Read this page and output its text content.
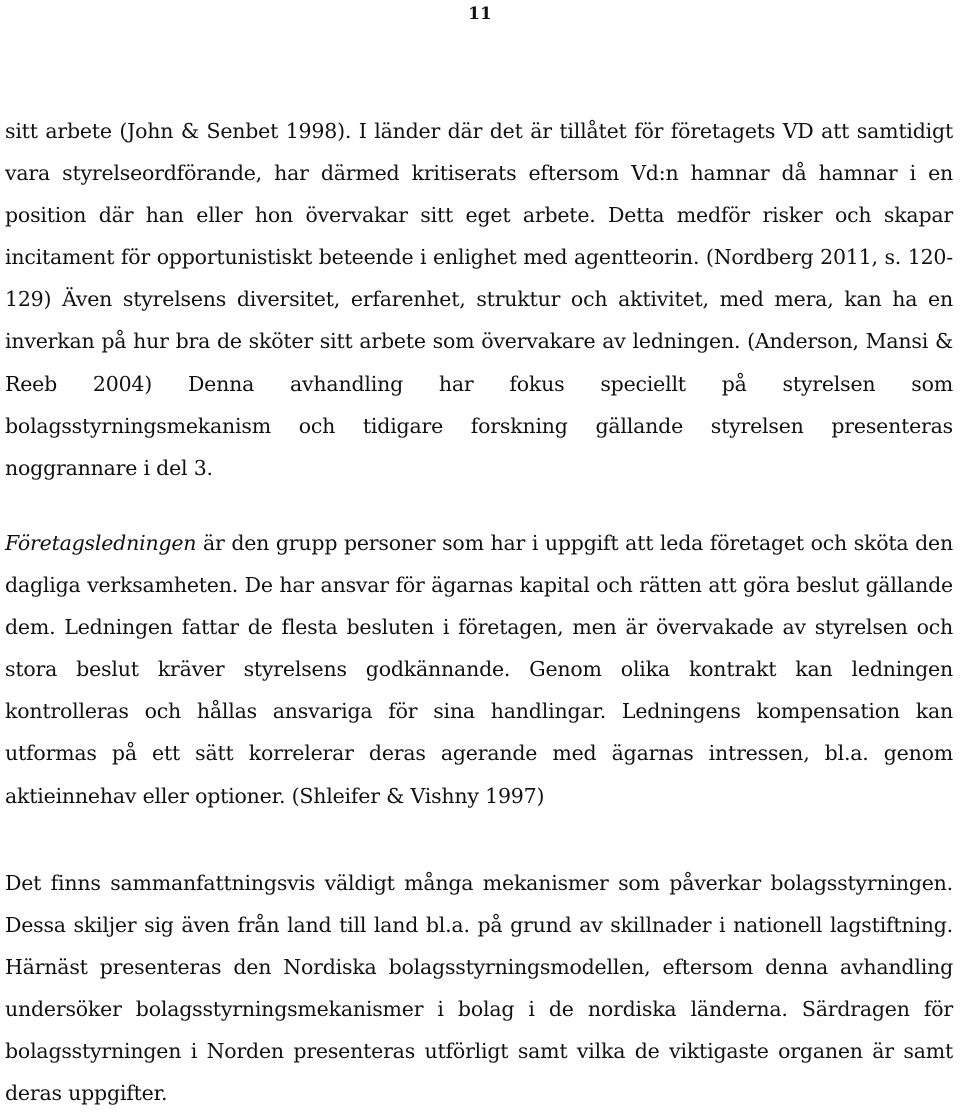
11

sitt arbete (John & Senbet 1998). I länder där det är tillåtet för företagets VD att samtidigt vara styrelseordförande, har därmed kritiserats eftersom Vd:n hamnar då hamnar i en position där han eller hon övervakar sitt eget arbete. Detta medför risker och skapar incitament för opportunistiskt beteende i enlighet med agentteorin. (Nordberg 2011, s. 120-129) Även styrelsens diversitet, erfarenhet, struktur och aktivitet, med mera, kan ha en inverkan på hur bra de sköter sitt arbete som övervakare av ledningen. (Anderson, Mansi & Reeb 2004) Denna avhandling har fokus speciellt på styrelsen som bolagsstyrningsmekanism och tidigare forskning gällande styrelsen presenteras noggrannare i del 3.

Företagsledningen är den grupp personer som har i uppgift att leda företaget och sköta den dagliga verksamheten. De har ansvar för ägarnas kapital och rätten att göra beslut gällande dem. Ledningen fattar de flesta besluten i företagen, men är övervakade av styrelsen och stora beslut kräver styrelsens godkännande. Genom olika kontrakt kan ledningen kontrolleras och hållas ansvariga för sina handlingar. Ledningens kompensation kan utformas på ett sätt korrelerar deras agerande med ägarnas intressen, bl.a. genom aktieinnehav eller optioner. (Shleifer & Vishny 1997)

Det finns sammanfattningsvis väldigt många mekanismer som påverkar bolagsstyrningen. Dessa skiljer sig även från land till land bl.a. på grund av skillnader i nationell lagstiftning. Härnäst presenteras den Nordiska bolagsstyrningsmodellen, eftersom denna avhandling undersöker bolagsstyrningsmekanismer i bolag i de nordiska länderna. Särdragen för bolagsstyrningen i Norden presenteras utförligt samt vilka de viktigaste organen är samt deras uppgifter.
